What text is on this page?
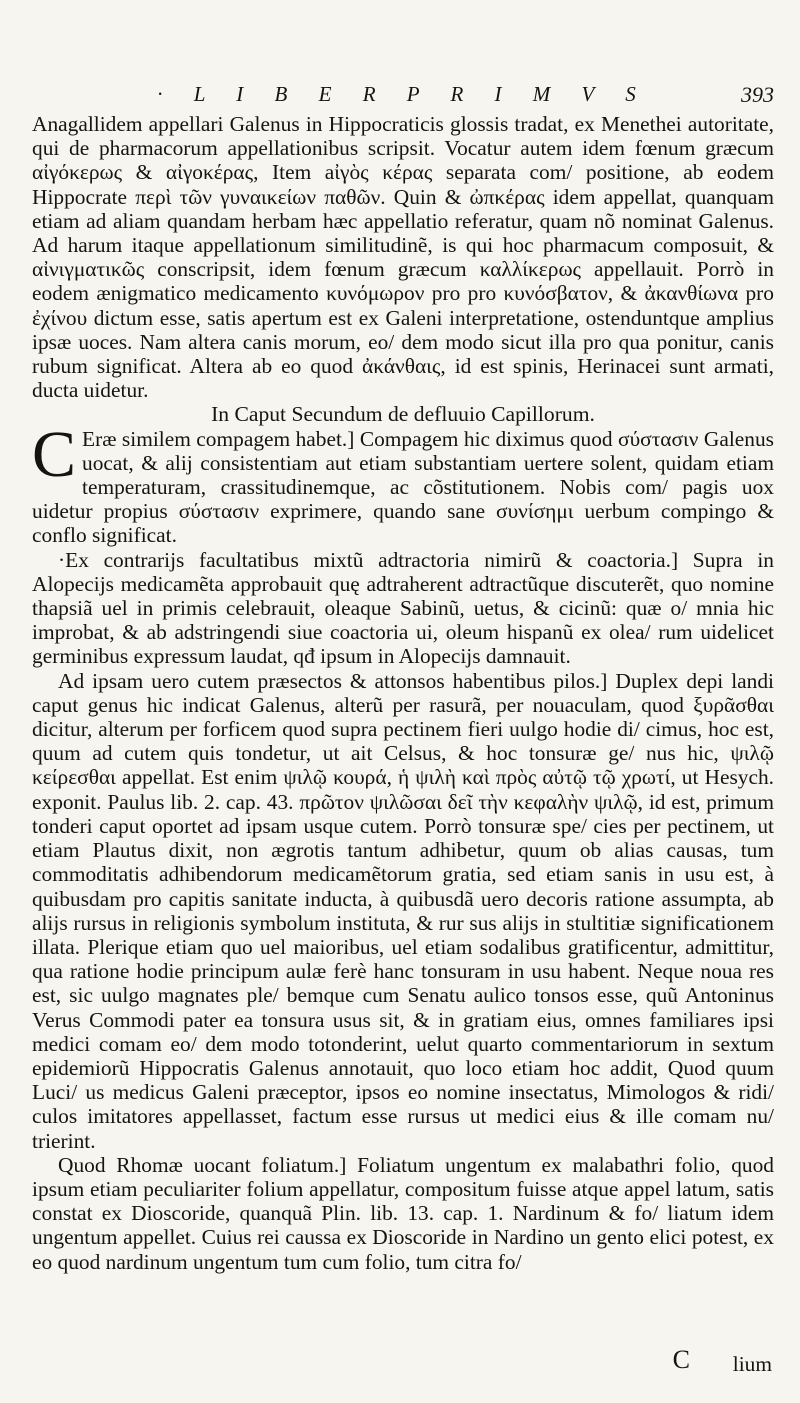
· L I B E R P R I M V S	393

Anagallidem appellari Galenus in Hippocraticis glossis tradat, ex Menethei autoritate, qui de pharmacorum appellationibus scripsit. Vocatur autem idem fœnum græcum αἰγόκερως & αἰγοκέρας, Item aἰγὸς κέρας separata com/ positione, ab eodem Hippocrate περὶ τῶν γυναικείων παθῶν. Quin & ὠπκέρας idem appellat, quanquam etiam ad aliam quandam herbam hæc appellatio referatur, quam nõ nominat Galenus. Ad harum itaque appellationum similitudinẽ, is qui hoc pharmacum composuit, & αἰνιγματικῶς conscripsit, idem fœnum græcum καλλίκερως appellauit. Porrò in eodem ænigmatico medicamento κυνόμωρον pro pro κυνόσβατον, & ἀκανθίωνα pro ἐχίνου dictum esse, satis apertum est ex Galeni interpretatione, ostenduntque amplius ipsæ uoces. Nam altera canis morum, eo/ dem modo sicut illa pro qua ponitur, canis rubum significat. Altera ab eo quod ἀκάνθαις, id est spinis, Herinacei sunt armati, ducta uidetur.

In Caput Secundum de defluuio Capillorum.

C Eræ similem compagem habet.] Compagem hic diximus quod σύστασιν Galenus uocat, & alij consistentiam aut etiam substantiam uertere solent, quidam etiam temperaturam, crassitudinemque, ac cõstitutionem. Nobis com/ pagis uox uidetur propius σύστασιν exprimere, quando sane συνίσημι uerbum compingo & conflo significat.

·Ex contrarijs facultatibus mixtũ adtractoria nimirũ & coactoria.] Supra in Alopecijs medicamẽta approbauit quę adtraherent adtractũque discuterẽt, quo nomine thapsiã uel in primis celebrauit, oleaque Sabinũ, uetus, & cicinũ: quæ o/ mnia hic improbat, & ab adstringendi siue coactoria ui, oleum hispanũ ex olea/ rum uidelicet germinibus expressum laudat, qđ ipsum in Alopecijs damnauit.

Ad ipsam uero cutem præsectos & attonsos habentibus pilos.] Duplex depi landi caput genus hic indicat Galenus, alterũ per rasurã, per nouaculam, quod ξυρᾶσθαι dicitur, alterum per forficem quod supra pectinem fieri uulgo hodie di/ cimus, hoc est, quum ad cutem quis tondetur, ut ait Celsus, & hoc tonsuræ ge/ nus hic, ψιλῷ κείρεσθαι appellat. Est enim ψιλῷ κουρά, ἡ ψιλὴ καὶ πρὸς αὐτῷ τῷ χρωτί, ut Hesych. exponit. Paulus lib. 2. cap. 43. πρῶτον ψιλῶσαι δεῖ τὴν κεφαλὴν ψιλῷ, id est, primum tonderi caput oportet ad ipsam usque cutem. Porrò tonsuræ spe/ cies per pectinem, ut etiam Plautus dixit, non ægrotis tantum adhibetur, quum ob alias causas, tum commoditatis adhibendorum medicamẽtorum gratia, sed etiam sanis in usu est, à quibusdam pro capitis sanitate inducta, à quibusdã uero decoris ratione assumpta, ab alijs rursus in religionis symbolum instituta, & rur sus alijs in stultitiæ significationem illata. Plerique etiam quo uel maioribus, uel etiam sodalibus gratificentur, admittitur, qua ratione hodie principum aulæ ferè hanc tonsuram in usu habent. Neque noua res est, sic uulgo magnates ple/ bemque cum Senatu aulico tonsos esse, quũ Antoninus Verus Commodi pater ea tonsura usus sit, & in gratiam eius, omnes familiares ipsi medici comam eo/ dem modo totonderint, uelut quarto commentariorum in sextum epidemiorũ Hippocratis Galenus annotauit, quo loco etiam hoc addit, Quod quum Luci/ us medicus Galeni præceptor, ipsos eo nomine insectatus, Mimologos & ridi/ culos imitatores appellasset, factum esse rursus ut medici eius & ille comam nu/ trierint.

Quod Rhomæ uocant foliatum.] Foliatum ungentum ex malabathri folio, quod ipsum etiam peculiariter folium appellatur, compositum fuisse atque appel latum, satis constat ex Dioscoride, quanquã Plin. lib. 13. cap. 1. Nardinum & fo/ liatum idem ungentum appellet. Cuius rei caussa ex Dioscoride in Nardino un gento elici potest, ex eo quod nardinum ungentum tum cum folio, tum citra fo/

C lium
